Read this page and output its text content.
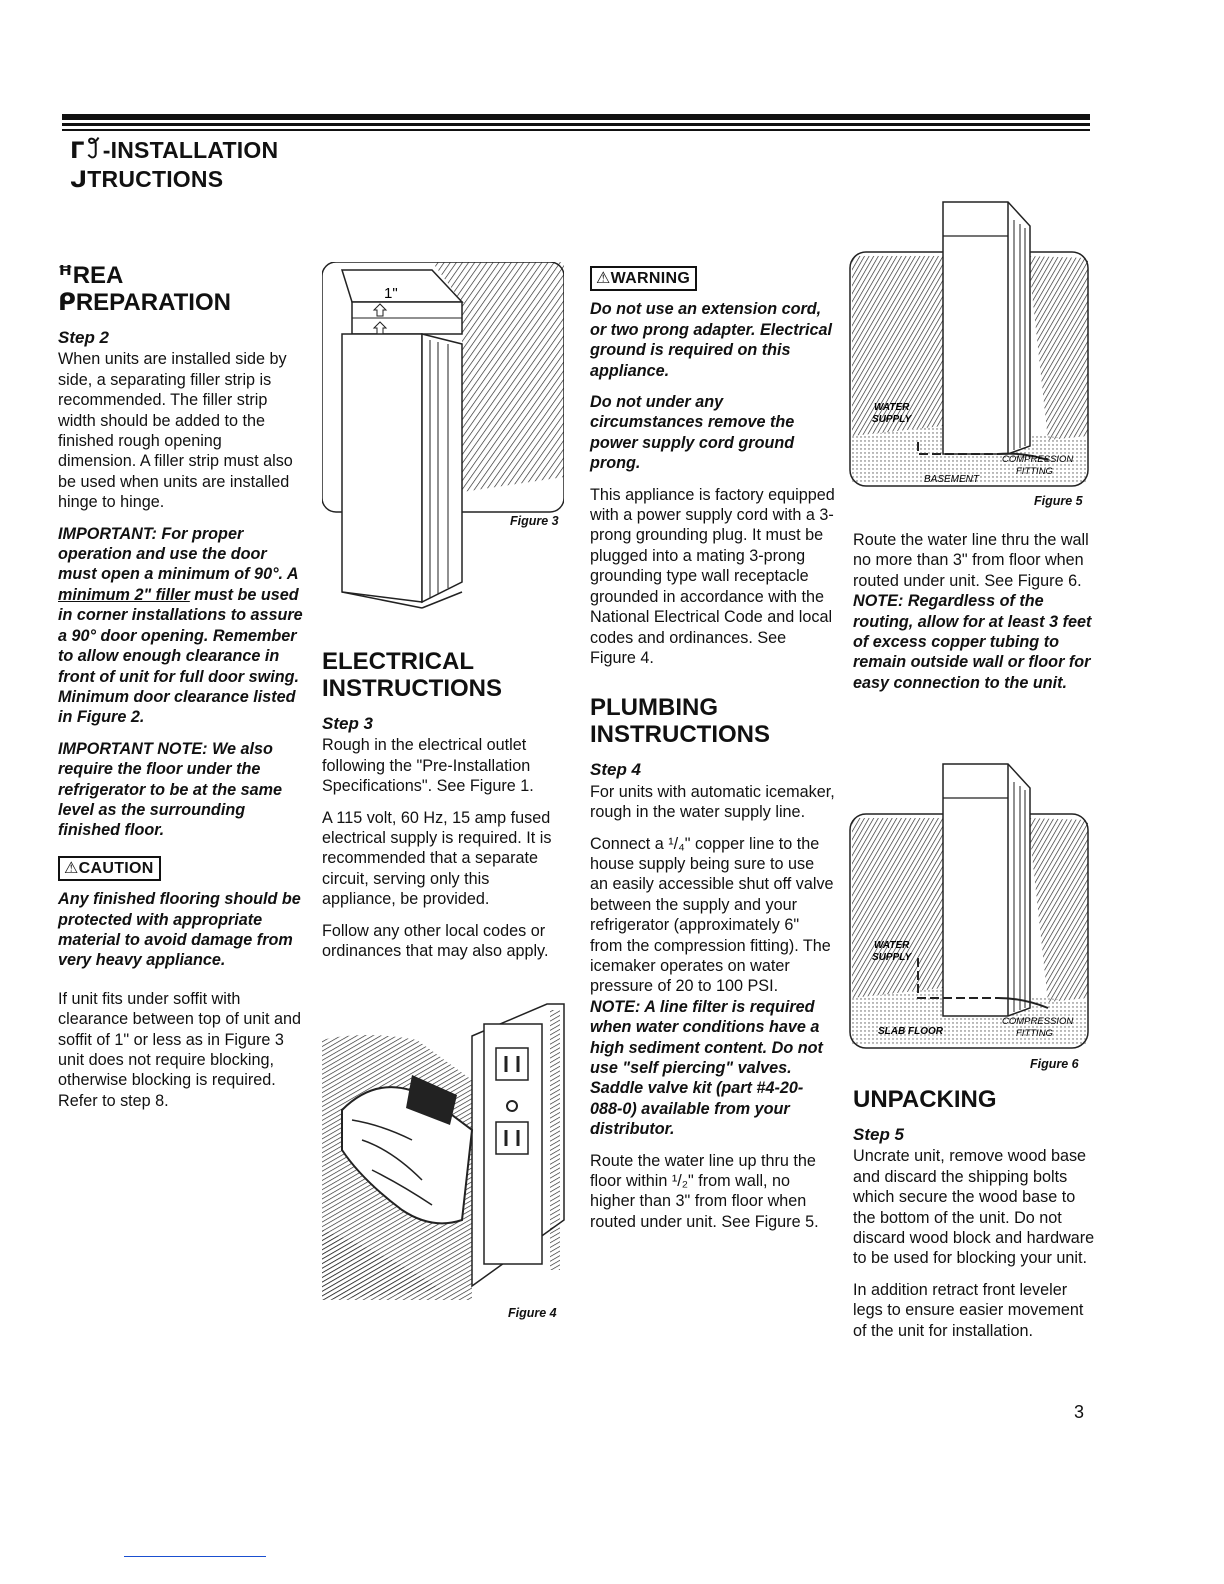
ᒥ꒸-INSTALLATION
ᒍTRUCTIONS
ꟸREA
ᑭREPARATION
Step 2

When units are installed side by side, a separating filler strip is recommended. The filler strip width should be added to the finished rough opening dimension. A filler strip must also be used when units are installed hinge to hinge.

IMPORTANT: For proper operation and use the door must open a minimum of 90°. A minimum 2" filler must be used in corner installations to assure a 90° door opening. Remember to allow enough clearance in front of unit for full door swing. Minimum door clearance listed in Figure 2.

IMPORTANT NOTE: We also require the floor under the refrigerator to be at the same level as the surrounding finished floor.

⚠CAUTION

Any finished flooring should be protected with appropriate material to avoid damage from very heavy appliance.

If unit fits under soffit with clearance between top of unit and soffit of 1" or less as in Figure 3 unit does not require blocking, otherwise blocking is required. Refer to step 8.

1"
Figure 3
ELECTRICAL
INSTRUCTIONS
Step 3

Rough in the electrical outlet following the "Pre-Installation Specifications". See Figure 1.

A 115 volt, 60 Hz, 15 amp fused electrical supply is required. It is recommended that a separate circuit, serving only this appliance, be provided.

Follow any other local codes or ordinances that may also apply.

Figure 4
⚠WARNING

Do not use an extension cord, or two prong adapter. Electrical ground is required on this appliance.

Do not under any circumstances remove the power supply cord ground prong.

This appliance is factory equipped with a power supply cord with a 3-prong grounding plug. It must be plugged into a mating 3-prong grounding type wall receptacle grounded in accordance with the National Electrical Code and local codes and ordinances. See Figure 4.

PLUMBING
INSTRUCTIONS
Step 4

For units with automatic icemaker, rough in the water supply line.

Connect a ¹/₄" copper line to the house supply being sure to use an easily accessible shut off valve between the supply and your refrigerator (approximately 6" from the compression fitting). The icemaker operates on water pressure of 20 to 100 PSI.

NOTE: A line filter is required when water conditions have a high sediment content. Do not use "self piercing" valves. Saddle valve kit (part #4-20-088-0) available from your distributor.

Route the water line up thru the floor within ¹/₂" from wall, no higher than 3" from floor when routed under unit. See Figure 5.

WATER
SUPPLY
COMPRESSION
FITTING
BASEMENT
Figure 5

Route the water line thru the wall no more than 3" from floor when routed under unit. See Figure 6.

NOTE: Regardless of the routing, allow for at least 3 feet of excess copper tubing to remain outside wall or floor for easy connection to the unit.

WATER
SUPPLY
COMPRESSION
FITTING
SLAB FLOOR
Figure 6
UNPACKING
Step 5

Uncrate unit, remove wood base and discard the shipping bolts which secure the wood base to the bottom of the unit. Do not discard wood block and hardware to be used for blocking your unit.

In addition retract front leveler legs to ensure easier movement of the unit for installation.

3
